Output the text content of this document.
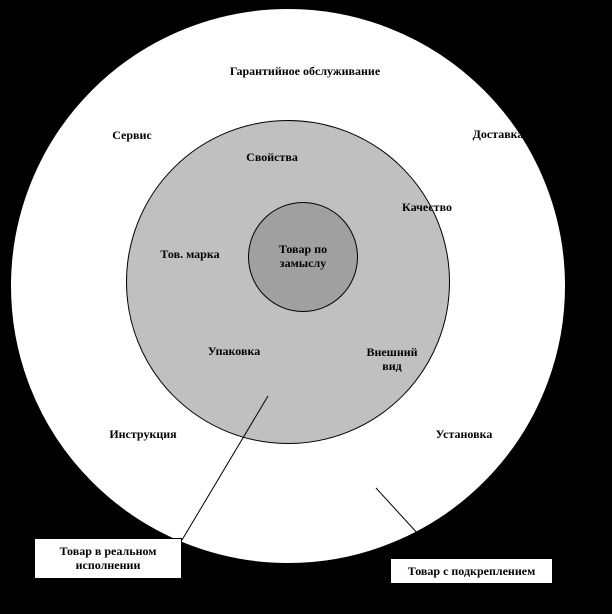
Гарантийное обслуживание
Сервис	Доставка
Свойства
Качество
Тов. марка	Товар по замыслу
Упаковка	Внешний вид
Инструкция	Установка
Товар в реальном исполнении	Товар с подкреплением
